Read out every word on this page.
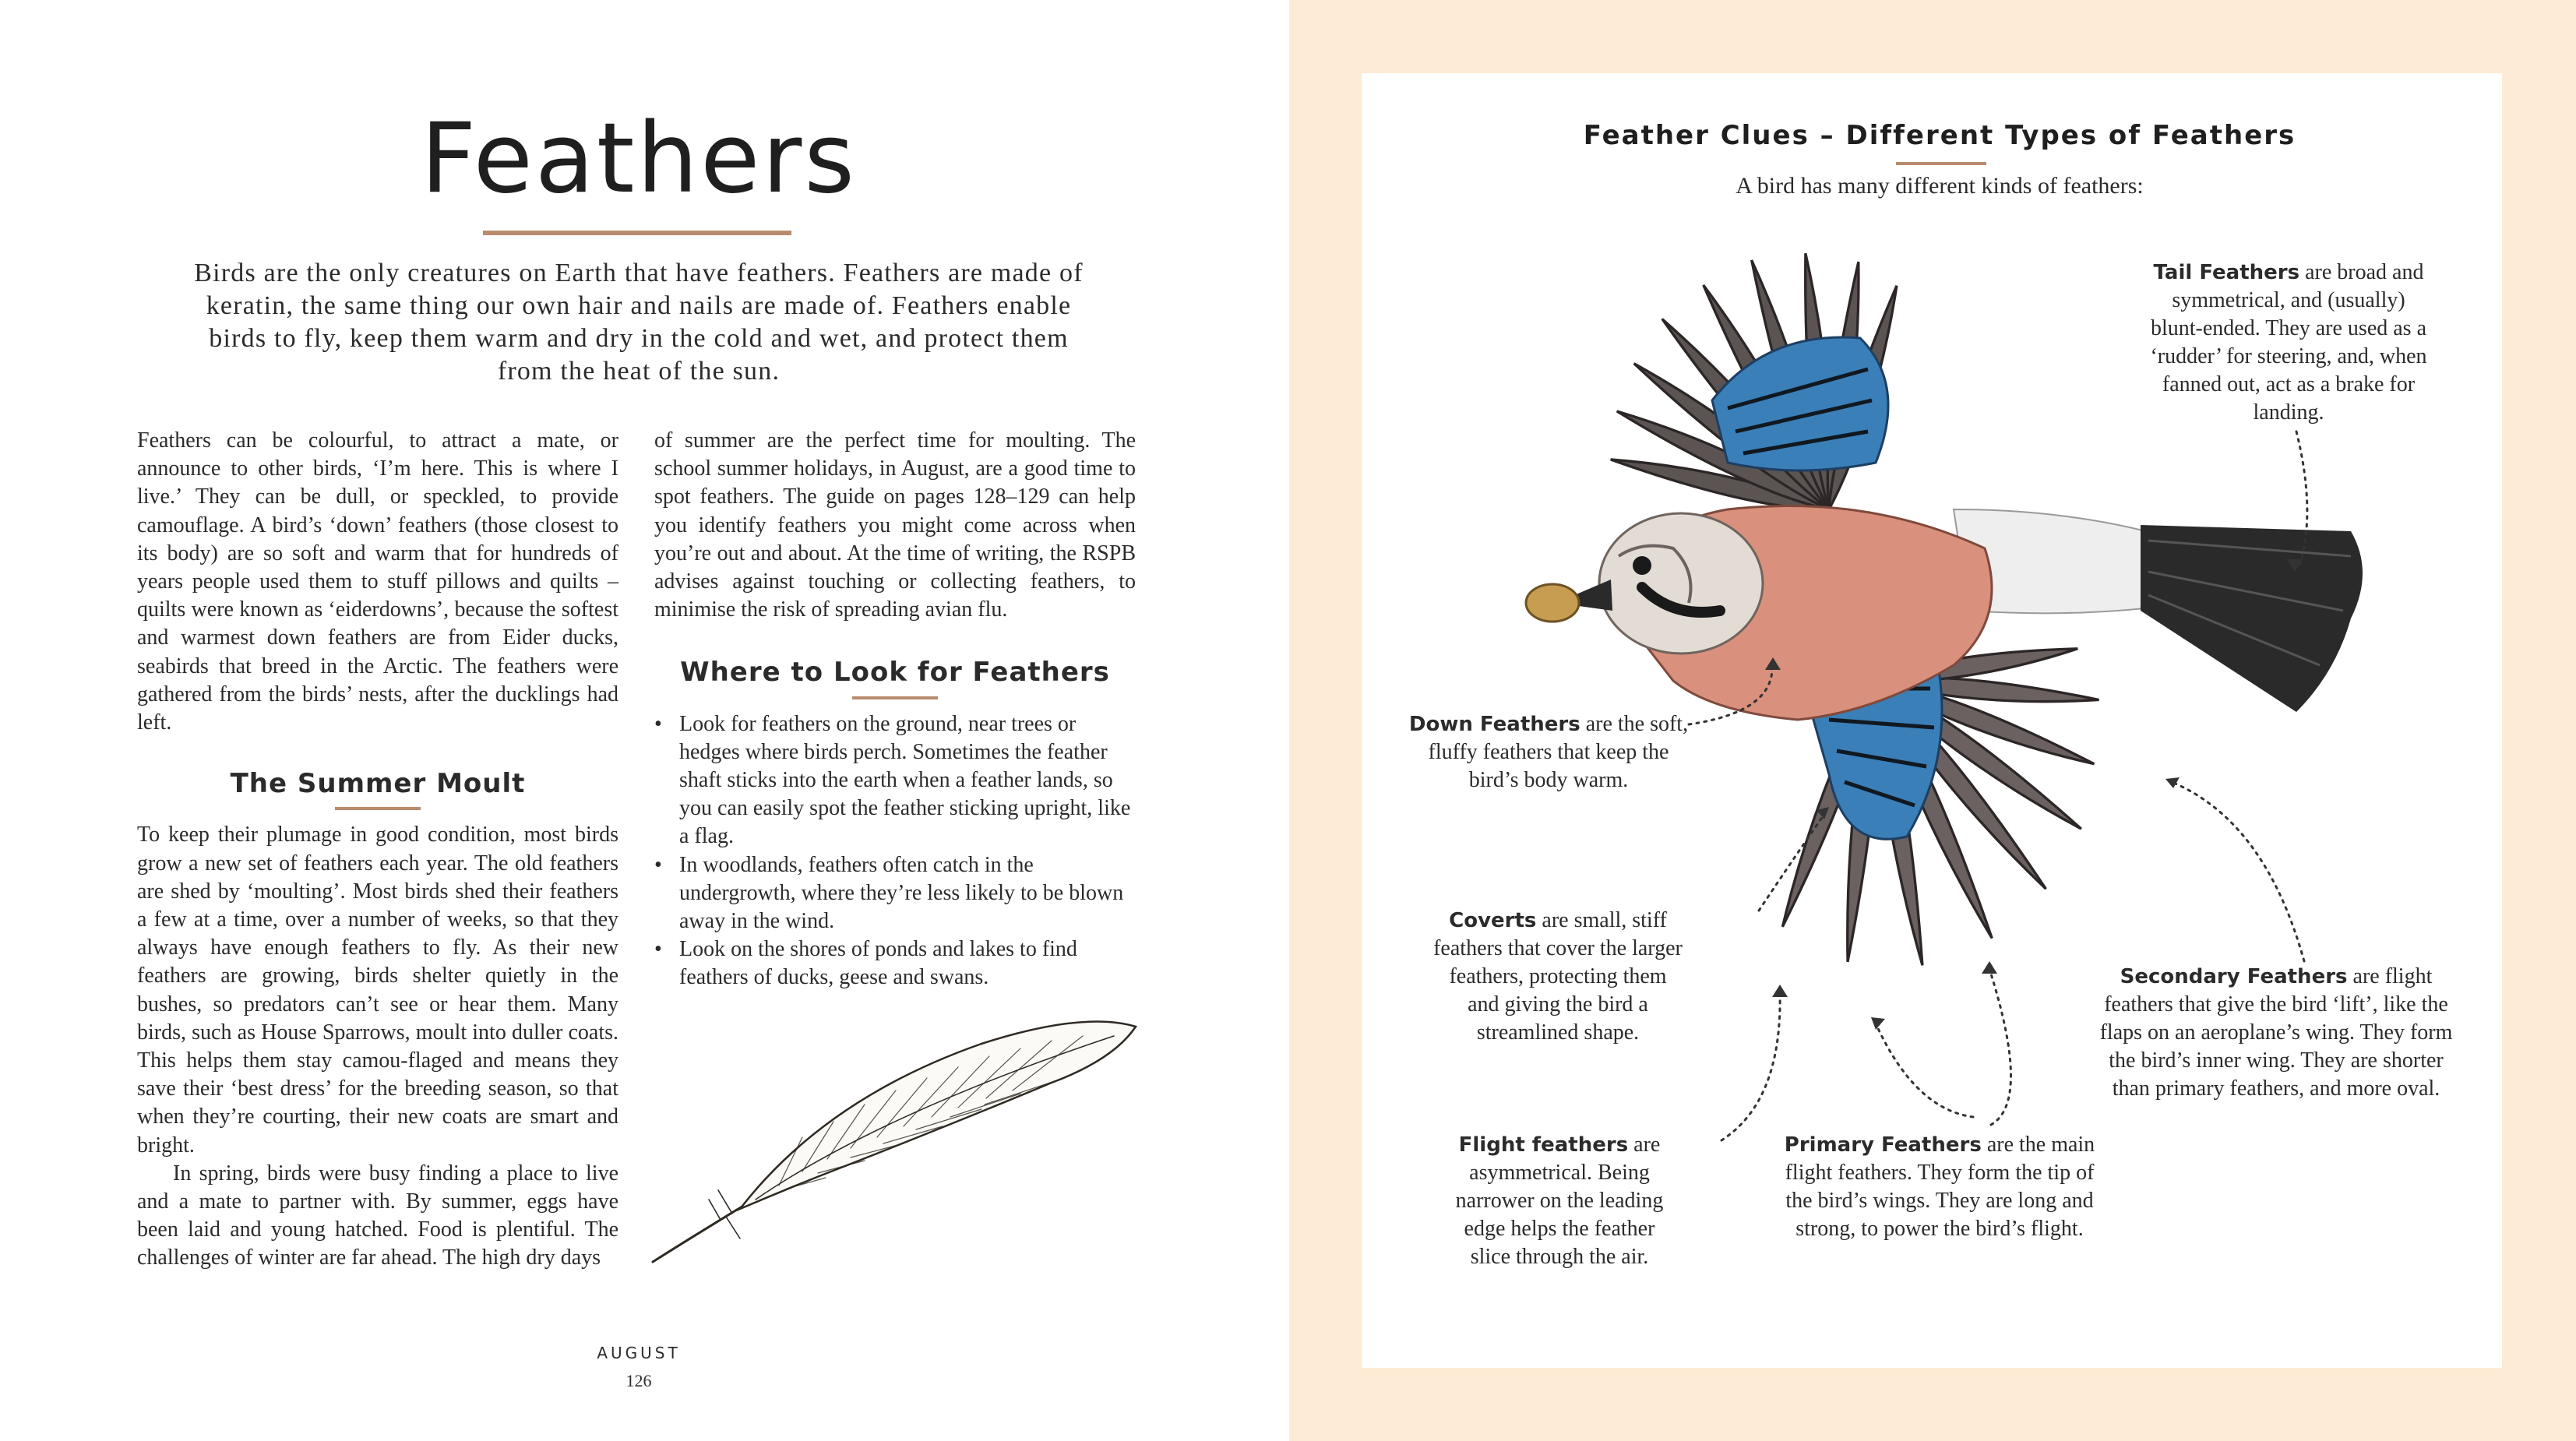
Feathers

Birds are the only creatures on Earth that have feathers. Feathers are made of keratin, the same thing our own hair and nails are made of. Feathers enable birds to fly, keep them warm and dry in the cold and wet, and protect them from the heat of the sun.

Feathers can be colourful, to attract a mate, or announce to other birds, ‘I’m here. This is where I live.’ They can be dull, or speckled, to provide camouflage. A bird’s ‘down’ feathers (those closest to its body) are so soft and warm that for hundreds of years people used them to stuff pillows and quilts – quilts were known as ‘eiderdowns’, because the softest and warmest down feathers are from Eider ducks, seabirds that breed in the Arctic. The feathers were gathered from the birds’ nests, after the ducklings had left.

The Summer Moult

To keep their plumage in good condition, most birds grow a new set of feathers each year. The old feathers are shed by ‘moulting’. Most birds shed their feathers a few at a time, over a number of weeks, so that they always have enough feathers to fly. As their new feathers are growing, birds shelter quietly in the bushes, so predators can’t see or hear them. Many birds, such as House Sparrows, moult into duller coats. This helps them stay camou-flaged and means they save their ‘best dress’ for the breeding season, so that when they’re courting, their new coats are smart and bright.

In spring, birds were busy finding a place to live and a mate to partner with. By summer, eggs have been laid and young hatched. Food is plentiful. The challenges of winter are far ahead. The high dry days

of summer are the perfect time for moulting. The school summer holidays, in August, are a good time to spot feathers. The guide on pages 128–129 can help you identify feathers you might come across when you’re out and about. At the time of writing, the RSPB advises against touching or collecting feathers, to minimise the risk of spreading avian flu.

Where to Look for Feathers
• Look for feathers on the ground, near trees or hedges where birds perch. Sometimes the feather shaft sticks into the earth when a feather lands, so you can easily spot the feather sticking upright, like a flag.
• In woodlands, feathers often catch in the undergrowth, where they’re less likely to be blown away in the wind.
• Look on the shores of ponds and lakes to find feathers of ducks, geese and swans.
AUGUST
126
Feather Clues – Different Types of Feathers

A bird has many different kinds of feathers:

Tail Feathers are broad and symmetrical, and (usually) blunt-ended. They are used as a ‘rudder’ for steering, and, when fanned out, act as a brake for landing.

Down Feathers are the soft, fluffy feathers that keep the bird’s body warm.

Coverts are small, stiff feathers that cover the larger feathers, protecting them and giving the bird a streamlined shape.

Secondary Feathers are flight feathers that give the bird ‘lift’, like the flaps on an aeroplane’s wing. They form the bird’s inner wing. They are shorter than primary feathers, and more oval.

Flight feathers are asymmetrical. Being narrower on the leading edge helps the feather slice through the air.

Primary Feathers are the main flight feathers. They form the tip of the bird’s wings. They are long and strong, to power the bird’s flight.
